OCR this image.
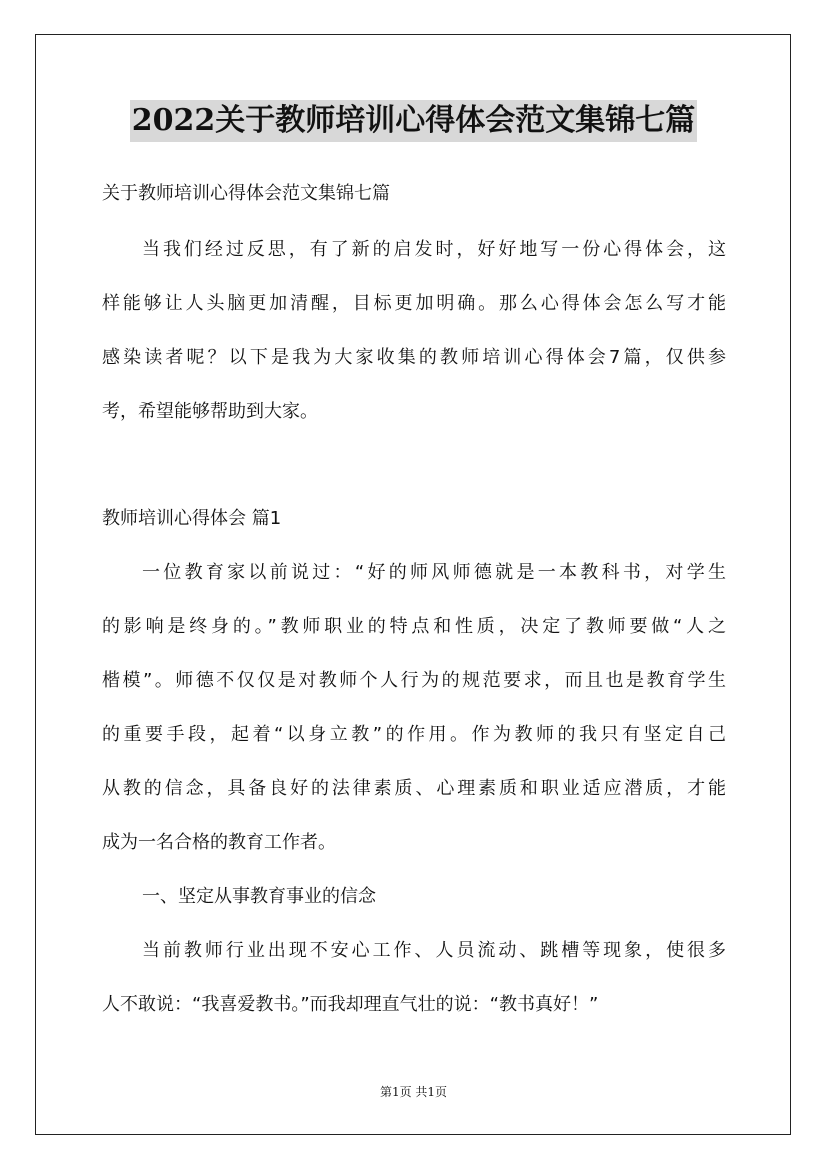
2022关于教师培训心得体会范文集锦七篇
关于教师培训心得体会范文集锦七篇
当我们经过反思，有了新的启发时，好好地写一份心得体会，这
样能够让人头脑更加清醒，目标更加明确。那么心得体会怎么写才能
感染读者呢？以下是我为大家收集的教师培训心得体会7篇，仅供参
考，希望能够帮助到大家。
教师培训心得体会 篇1
一位教育家以前说过：“好的师风师德就是一本教科书，对学生
的影响是终身的。”教师职业的特点和性质，决定了教师要做“人之
楷模”。师德不仅仅是对教师个人行为的规范要求，而且也是教育学生
的重要手段，起着“以身立教”的作用。作为教师的我只有坚定自己
从教的信念，具备良好的法律素质、心理素质和职业适应潜质，才能
成为一名合格的教育工作者。
一、坚定从事教育事业的信念
当前教师行业出现不安心工作、人员流动、跳槽等现象，使很多
人不敢说：“我喜爱教书。”而我却理直气壮的说：“教书真好！”
第1页 共1页
